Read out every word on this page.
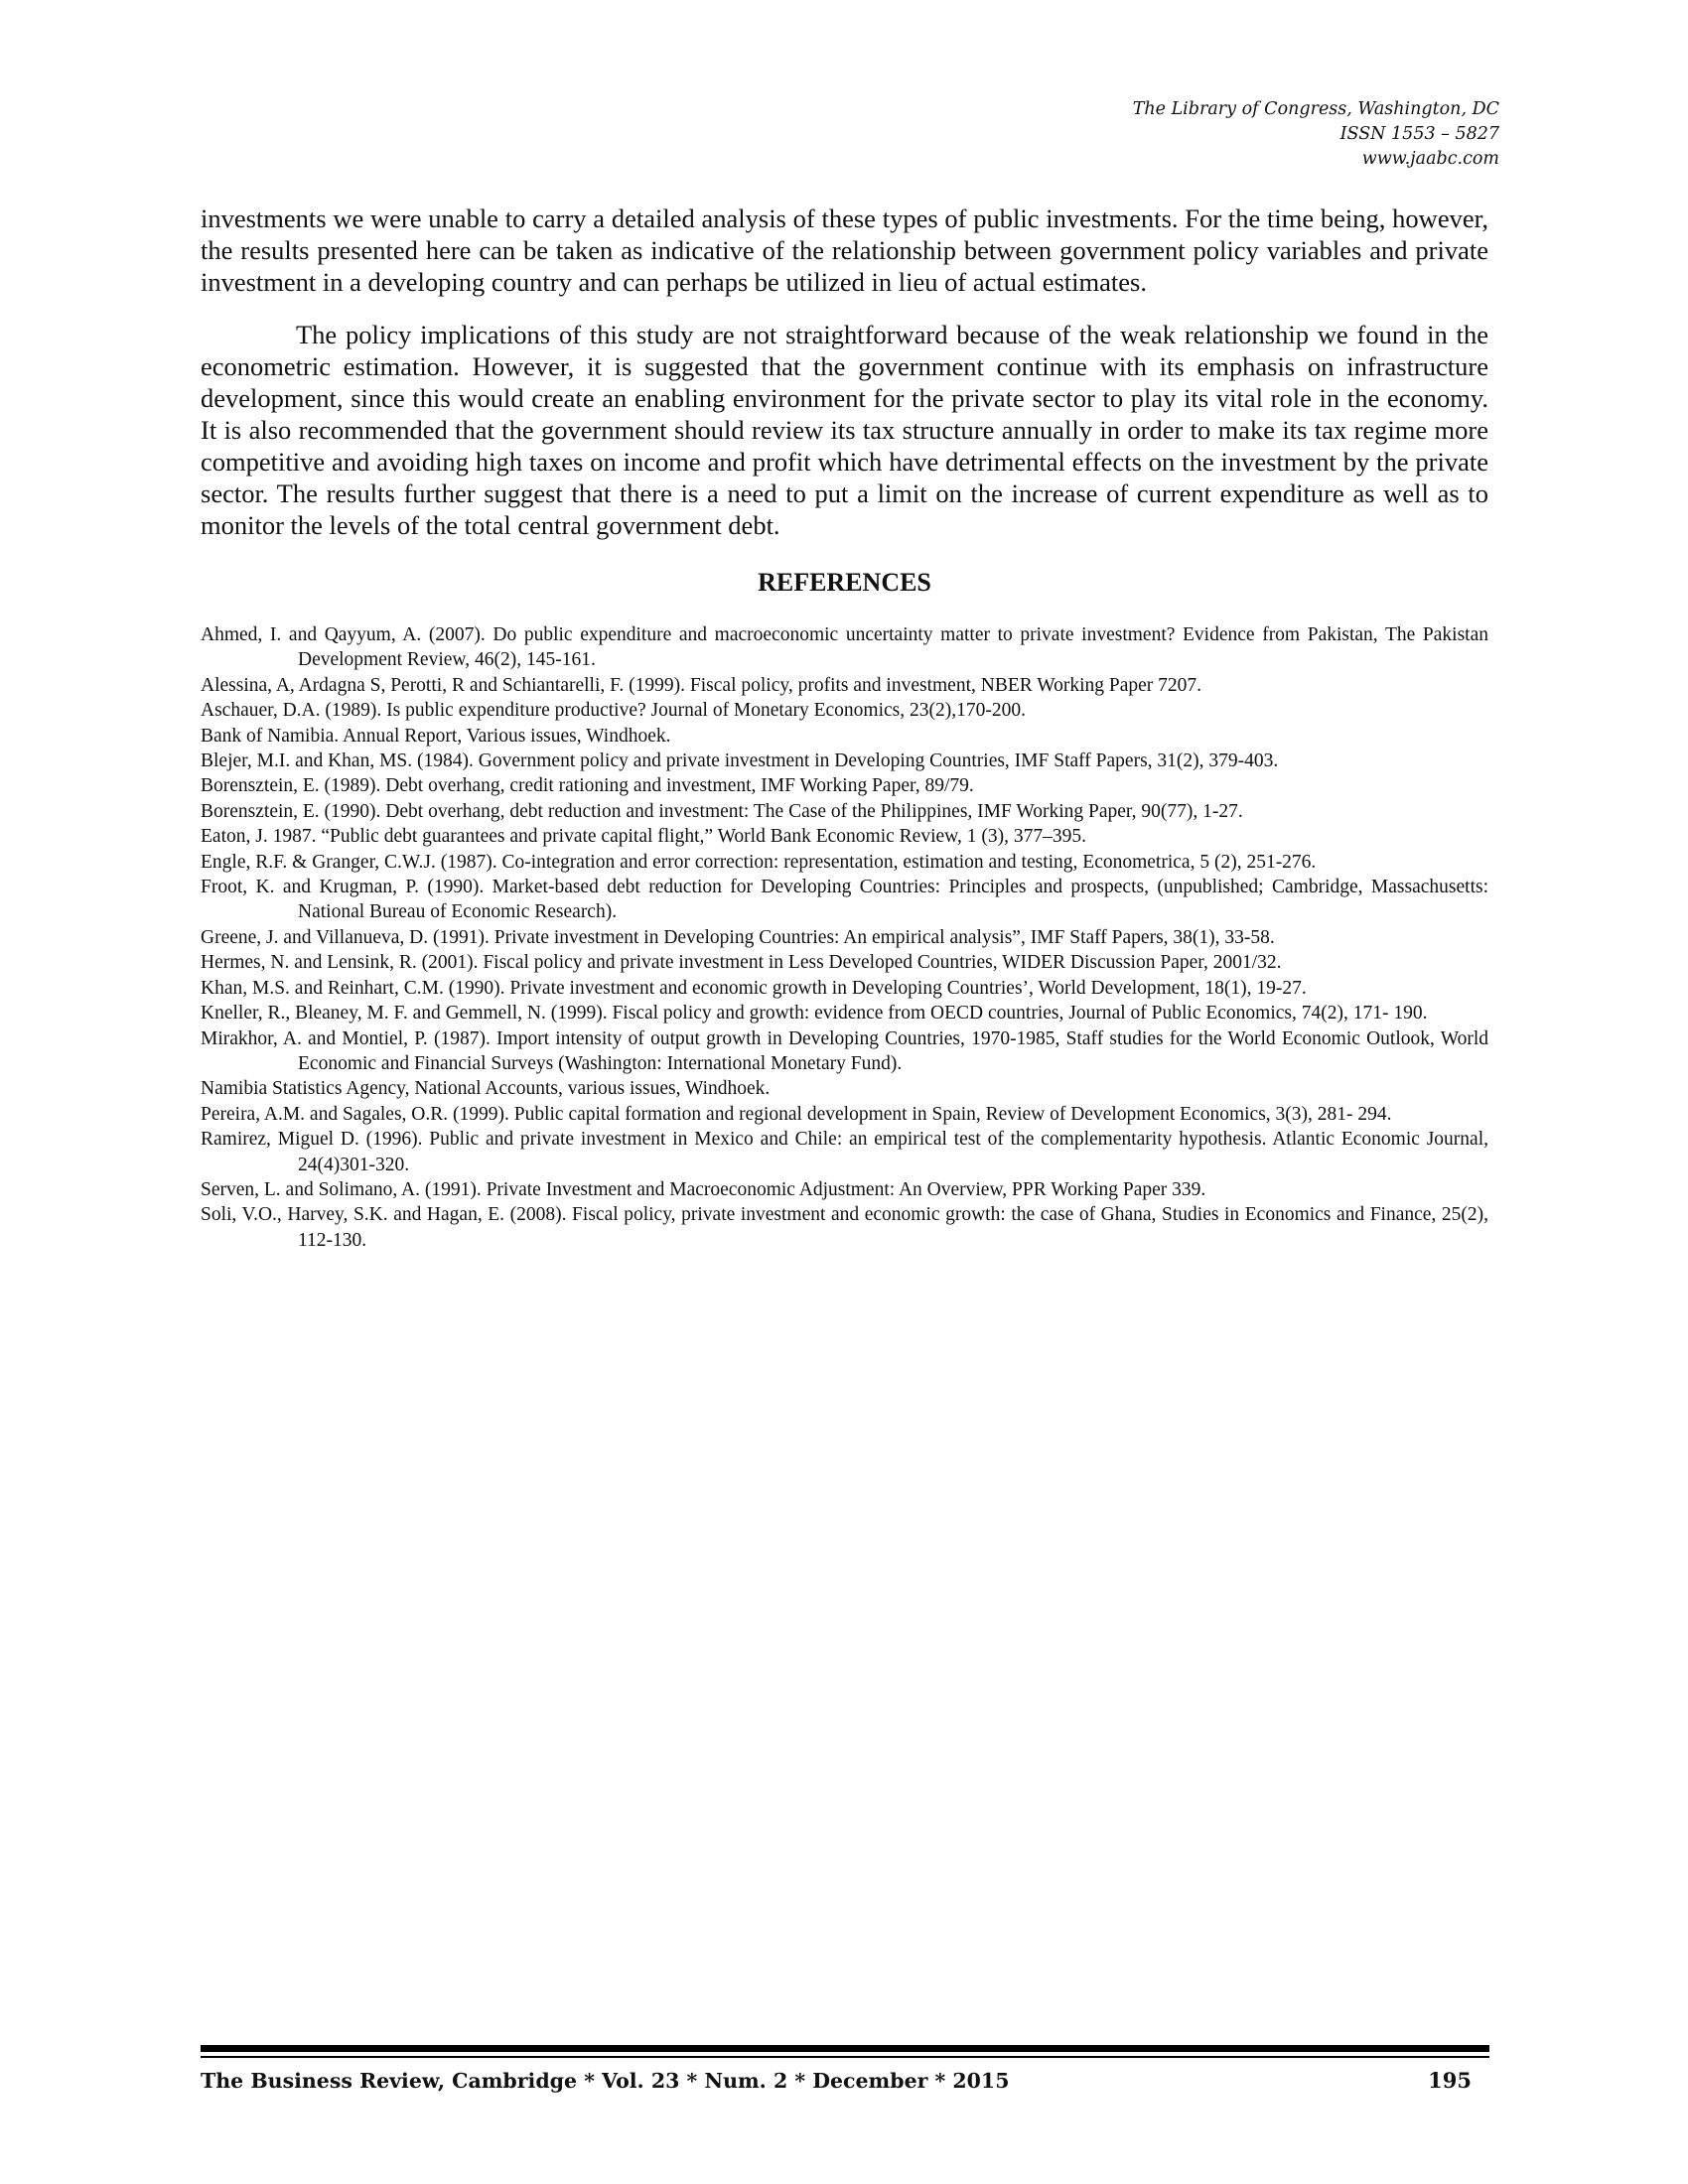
The Library of Congress, Washington, DC
ISSN 1553 – 5827
www.jaabc.com

investments we were unable to carry a detailed analysis of these types of public investments. For the time being, however, the results presented here can be taken as indicative of the relationship between government policy variables and private investment in a developing country and can perhaps be utilized in lieu of actual estimates.

The policy implications of this study are not straightforward because of the weak relationship we found in the econometric estimation. However, it is suggested that the government continue with its emphasis on infrastructure development, since this would create an enabling environment for the private sector to play its vital role in the economy. It is also recommended that the government should review its tax structure annually in order to make its tax regime more competitive and avoiding high taxes on income and profit which have detrimental effects on the investment by the private sector. The results further suggest that there is a need to put a limit on the increase of current expenditure as well as to monitor the levels of the total central government debt.

REFERENCES

Ahmed, I. and Qayyum, A. (2007). Do public expenditure and macroeconomic uncertainty matter to private investment? Evidence from Pakistan, The Pakistan Development Review, 46(2), 145-161.

Alessina, A, Ardagna S, Perotti, R and Schiantarelli, F. (1999). Fiscal policy, profits and investment, NBER Working Paper 7207.

Aschauer, D.A. (1989). Is public expenditure productive? Journal of Monetary Economics, 23(2),170-200.

Bank of Namibia. Annual Report, Various issues, Windhoek.

Blejer, M.I. and Khan, MS. (1984). Government policy and private investment in Developing Countries, IMF Staff Papers, 31(2), 379-403.

Borensztein, E. (1989). Debt overhang, credit rationing and investment, IMF Working Paper, 89/79.

Borensztein, E. (1990). Debt overhang, debt reduction and investment: The Case of the Philippines, IMF Working Paper, 90(77), 1-27.

Eaton, J. 1987. “Public debt guarantees and private capital flight,” World Bank Economic Review, 1 (3), 377–395.

Engle, R.F. & Granger, C.W.J. (1987). Co-integration and error correction: representation, estimation and testing, Econometrica, 5 (2), 251-276.

Froot, K. and Krugman, P. (1990). Market-based debt reduction for Developing Countries: Principles and prospects, (unpublished; Cambridge, Massachusetts: National Bureau of Economic Research).

Greene, J. and Villanueva, D. (1991). Private investment in Developing Countries: An empirical analysis”, IMF Staff Papers, 38(1), 33-58.

Hermes, N. and Lensink, R. (2001). Fiscal policy and private investment in Less Developed Countries, WIDER Discussion Paper, 2001/32.

Khan, M.S. and Reinhart, C.M. (1990). Private investment and economic growth in Developing Countries’, World Development, 18(1), 19-27.

Kneller, R., Bleaney, M. F. and Gemmell, N. (1999). Fiscal policy and growth: evidence from OECD countries, Journal of Public Economics, 74(2), 171- 190.

Mirakhor, A. and Montiel, P. (1987). Import intensity of output growth in Developing Countries, 1970-1985, Staff studies for the World Economic Outlook, World Economic and Financial Surveys (Washington: International Monetary Fund).

Namibia Statistics Agency, National Accounts, various issues, Windhoek.

Pereira, A.M. and Sagales, O.R. (1999). Public capital formation and regional development in Spain, Review of Development Economics, 3(3), 281- 294.

Ramirez, Miguel D. (1996). Public and private investment in Mexico and Chile: an empirical test of the complementarity hypothesis. Atlantic Economic Journal, 24(4)301-320.

Serven, L. and Solimano, A. (1991). Private Investment and Macroeconomic Adjustment: An Overview, PPR Working Paper 339.

Soli, V.O., Harvey, S.K. and Hagan, E. (2008). Fiscal policy, private investment and economic growth: the case of Ghana, Studies in Economics and Finance, 25(2), 112-130.

The Business Review, Cambridge * Vol. 23 * Num. 2 * December * 2015	195
